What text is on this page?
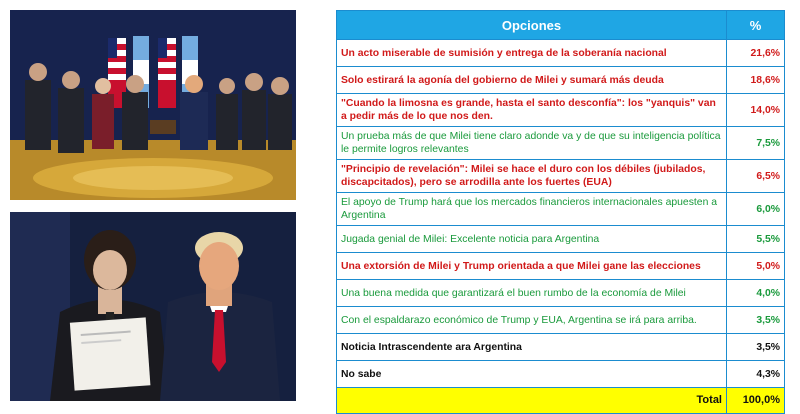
Opciones	%
Un acto miserable de sumisión y entrega de la soberanía nacional	21,6%
Solo estirará la agonía del gobierno de Milei y sumará más deuda	18,6%
"Cuando la limosna es grande, hasta el santo desconfía": los "yanquis" van a pedir más de lo que nos den.	14,0%
Un prueba más de que Milei tiene claro adonde va y de que su inteligencia política le permite logros relevantes	7,5%
"Principio de revelación": Milei se hace el duro con los débiles (jubilados, discapcitados), pero se arrodilla ante los fuertes (EUA)	6,5%
El apoyo de Trump hará que los mercados financieros internacionales apuesten a Argentina	6,0%
Jugada genial de Milei: Excelente noticia para Argentina	5,5%
Una extorsión de Milei y Trump orientada a que Milei gane las elecciones	5,0%
Una buena medida que garantizará el buen rumbo de la economía de Milei	4,0%
Con el espaldarazo económico de Trump y EUA, Argentina se irá para arriba.	3,5%
Noticia Intrascendente ara Argentina	3,5%
No sabe	4,3%
Total	100,0%
